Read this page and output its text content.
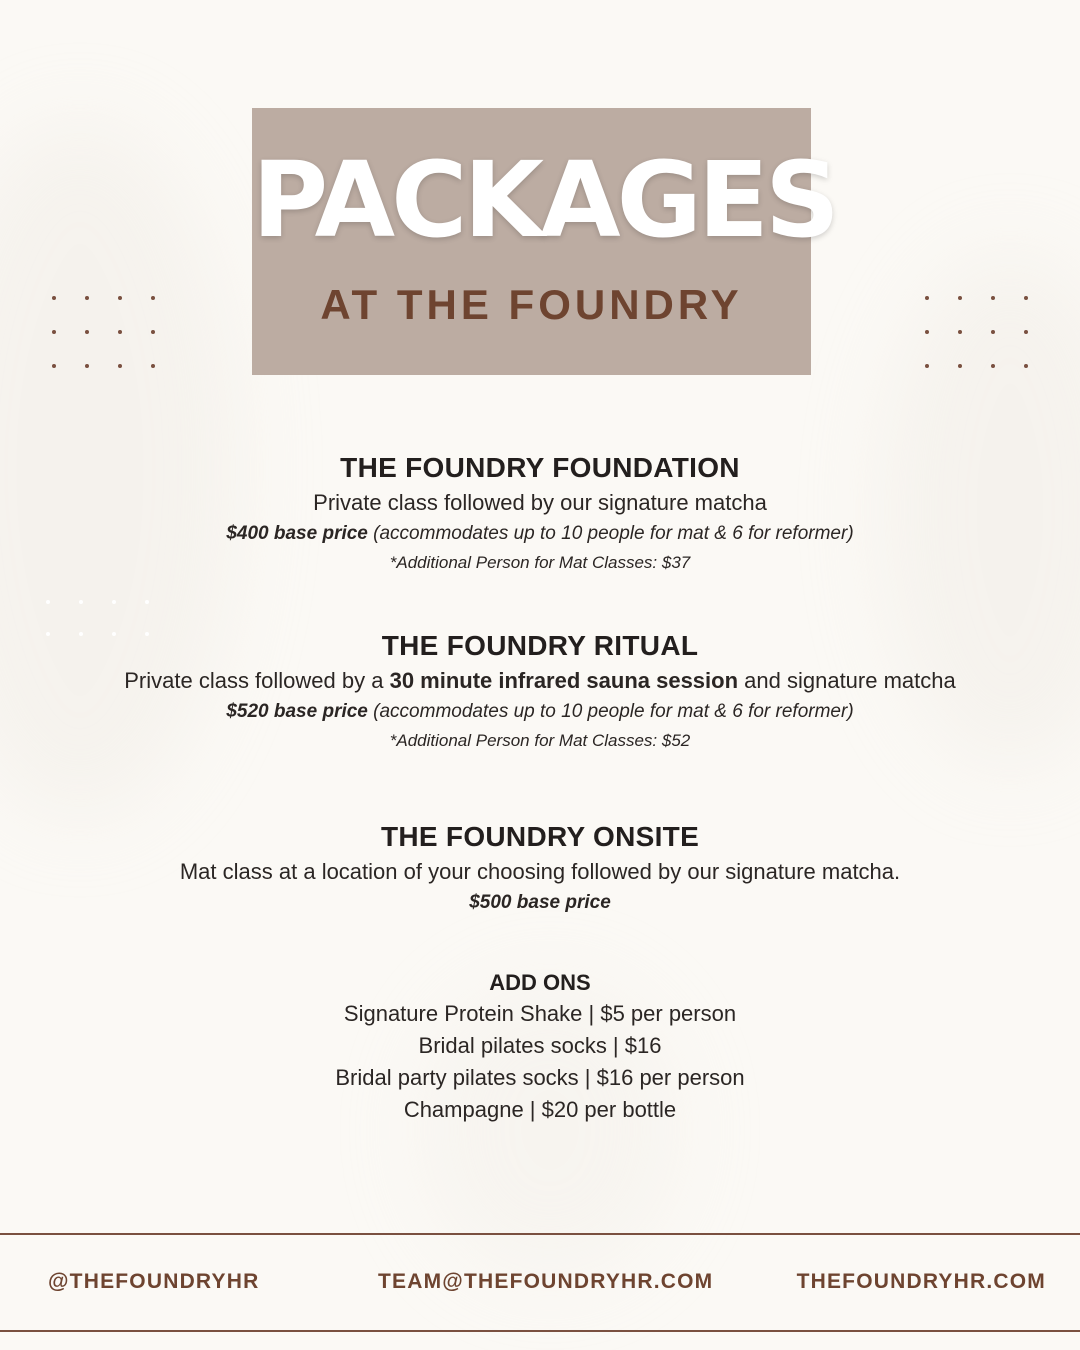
PACKAGES
AT THE FOUNDRY

THE FOUNDRY FOUNDATION

Private class followed by our signature matcha

$400 base price (accommodates up to 10 people for mat & 6 for reformer)

*Additional Person for Mat Classes: $37

THE FOUNDRY RITUAL

Private class followed by a 30 minute infrared sauna session and signature matcha

$520 base price (accommodates up to 10 people for mat & 6 for reformer)

*Additional Person for Mat Classes: $52

THE FOUNDRY ONSITE

Mat class at a location of your choosing followed by our signature matcha.

$500 base price

ADD ONS

Signature Protein Shake | $5 per person

Bridal pilates socks | $16

Bridal party pilates socks | $16 per person

Champagne | $20 per bottle

@THEFOUNDRYHR	TEAM@THEFOUNDRYHR.COM	THEFOUNDRYHR.COM
